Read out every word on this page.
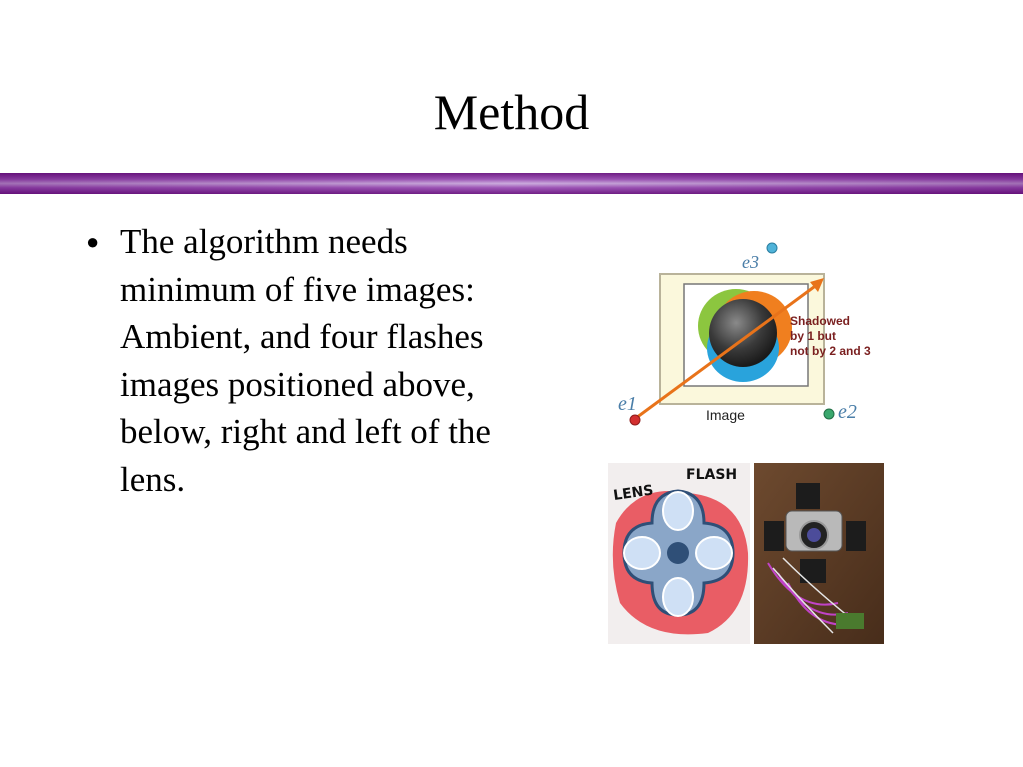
Method
● The algorithm needs minimum of five images: Ambient, and four flashes images positioned above, below, right and left of the lens.
e3
e1	e2
Image
Shadowed
by 1 but
not by 2 and 3
LENS
FLASH
